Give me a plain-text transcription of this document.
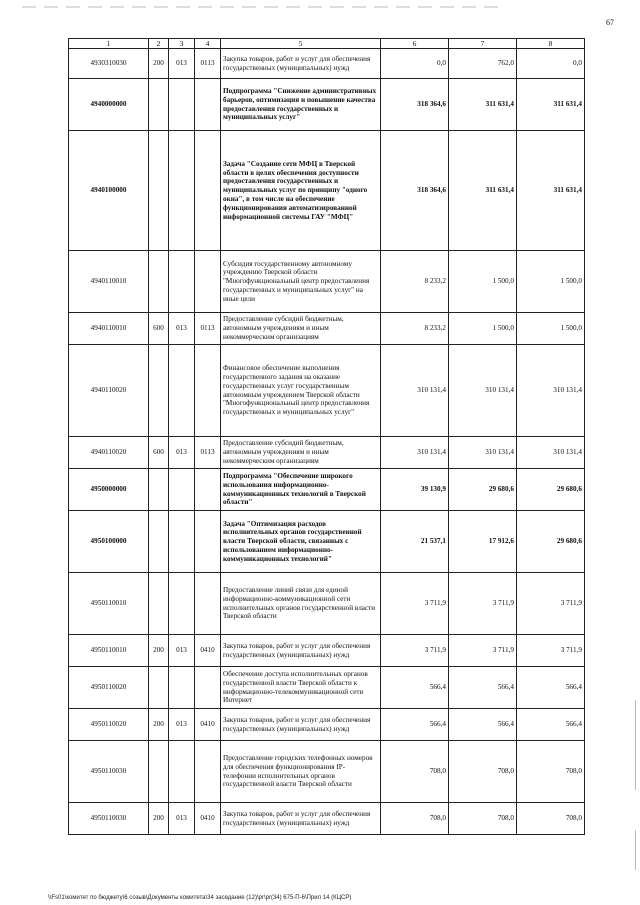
67
1	2	3	4	5	6	7	8
4930310030	200	013	0113	Закупка товаров, работ и услуг для обеспечения государственных (муниципальных) нужд	0,0	762,0	0,0
4940000000				Подпрограмма "Снижение административных барьеров, оптимизация и повышение качества предоставления государственных и муниципальных услуг"	318 364,6	311 631,4	311 631,4
4940100000				Задача "Создание сети МФЦ в Тверской области в целях обеспечения доступности предоставления государственных и муниципальных услуг по принципу "одного окна", в том числе на обеспечение функционирования автоматизированной информационной системы ГАУ "МФЦ"	318 364,6	311 631,4	311 631,4
4940110010				Субсидия государственному автономному учреждению Тверской области "Многофункциональный центр предоставления государственных и муниципальных услуг" на иные цели	8 233,2	1 500,0	1 500,0
4940110010	600	013	0113	Предоставление субсидий бюджетным, автономным учреждениям и иным некоммерческим организациям	8 233,2	1 500,0	1 500,0
4940110020				Финансовое обеспечение выполнения государственного задания на оказание государственных услуг государственным автономным учреждением Тверской области "Многофункциональный центр предоставления государственных и муниципальных услуг"	310 131,4	310 131,4	310 131,4
4940110020	600	013	0113	Предоставление субсидий бюджетным, автономным учреждениям и иным некоммерческим организациям	310 131,4	310 131,4	310 131,4
4950000000				Подпрограмма "Обеспечение широкого использования информационно-коммуникационных технологий в Тверской области"	39 130,9	29 680,6	29 680,6
4950100000				Задача "Оптимизация расходов исполнительных органов государственной власти Тверской области, связанных с использованием информационно-коммуникационных технологий"	21 537,1	17 912,6	29 680,6
4950110010				Предоставление линий связи для единой информационно-коммуникационной сети исполнительных органов государственной власти Тверской области	3 711,9	3 711,9	3 711,9
4950110010	200	013	0410	Закупка товаров, работ и услуг для обеспечения государственных (муниципальных) нужд	3 711,9	3 711,9	3 711,9
4950110020				Обеспечение доступа исполнительных органов государственной власти Тверской области к информационно-телекоммуникационной сети Интернет	566,4	566,4	566,4
4950110020	200	013	0410	Закупка товаров, работ и услуг для обеспечения государственных (муниципальных) нужд	566,4	566,4	566,4
4950110030				Предоставление городских телефонных номеров для обеспечения функционирования IP-телефонии исполнительных органов государственной власти Тверской области	708,0	708,0	708,0
4950110030	200	013	0410	Закупка товаров, работ и услуг для обеспечения государственных (муниципальных) нужд	708,0	708,0	708,0
\\Fs01\комитет по бюджету\6 созыв\Документы комитета\34 заседание (12)\pr\pr(34) 675-П-6\Прил 14 (КЦСР)
